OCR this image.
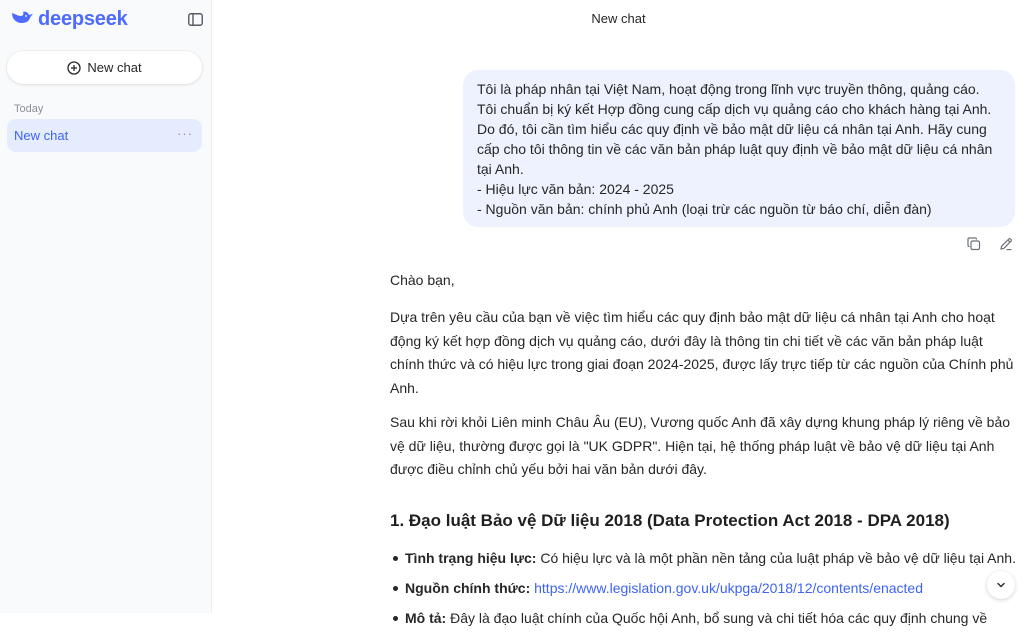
deepseek
New chat
Today
New chat	···
New chat
Tôi là pháp nhân tại Việt Nam, hoạt động trong lĩnh vực truyền thông, quảng cáo.
Tôi chuẩn bị ký kết Hợp đồng cung cấp dịch vụ quảng cáo cho khách hàng tại Anh.
Do đó, tôi cần tìm hiểu các quy định về bảo mật dữ liệu cá nhân tại Anh. Hãy cung
cấp cho tôi thông tin về các văn bản pháp luật quy định về bảo mật dữ liệu cá nhân
tại Anh.
- Hiệu lực văn bản: 2024 - 2025
- Nguồn văn bản: chính phủ Anh (loại trừ các nguồn từ báo chí, diễn đàn)

Chào bạn,

Dựa trên yêu cầu của bạn về việc tìm hiểu các quy định bảo mật dữ liệu cá nhân tại Anh cho hoạt
động ký kết hợp đồng dịch vụ quảng cáo, dưới đây là thông tin chi tiết về các văn bản pháp luật
chính thức và có hiệu lực trong giai đoạn 2024-2025, được lấy trực tiếp từ các nguồn của Chính phủ
Anh.
Sau khi rời khỏi Liên minh Châu Âu (EU), Vương quốc Anh đã xây dựng khung pháp lý riêng về bảo
vệ dữ liệu, thường được gọi là "UK GDPR". Hiện tại, hệ thống pháp luật về bảo vệ dữ liệu tại Anh
được điều chỉnh chủ yếu bởi hai văn bản dưới đây.
1. Đạo luật Bảo vệ Dữ liệu 2018 (Data Protection Act 2018 - DPA 2018)
Tình trạng hiệu lực: Có hiệu lực và là một phần nền tảng của luật pháp về bảo vệ dữ liệu tại Anh.
Nguồn chính thức: https://www.legislation.gov.uk/ukpga/2018/12/contents/enacted
Mô tả: Đây là đạo luật chính của Quốc hội Anh, bổ sung và chi tiết hóa các quy định chung về
